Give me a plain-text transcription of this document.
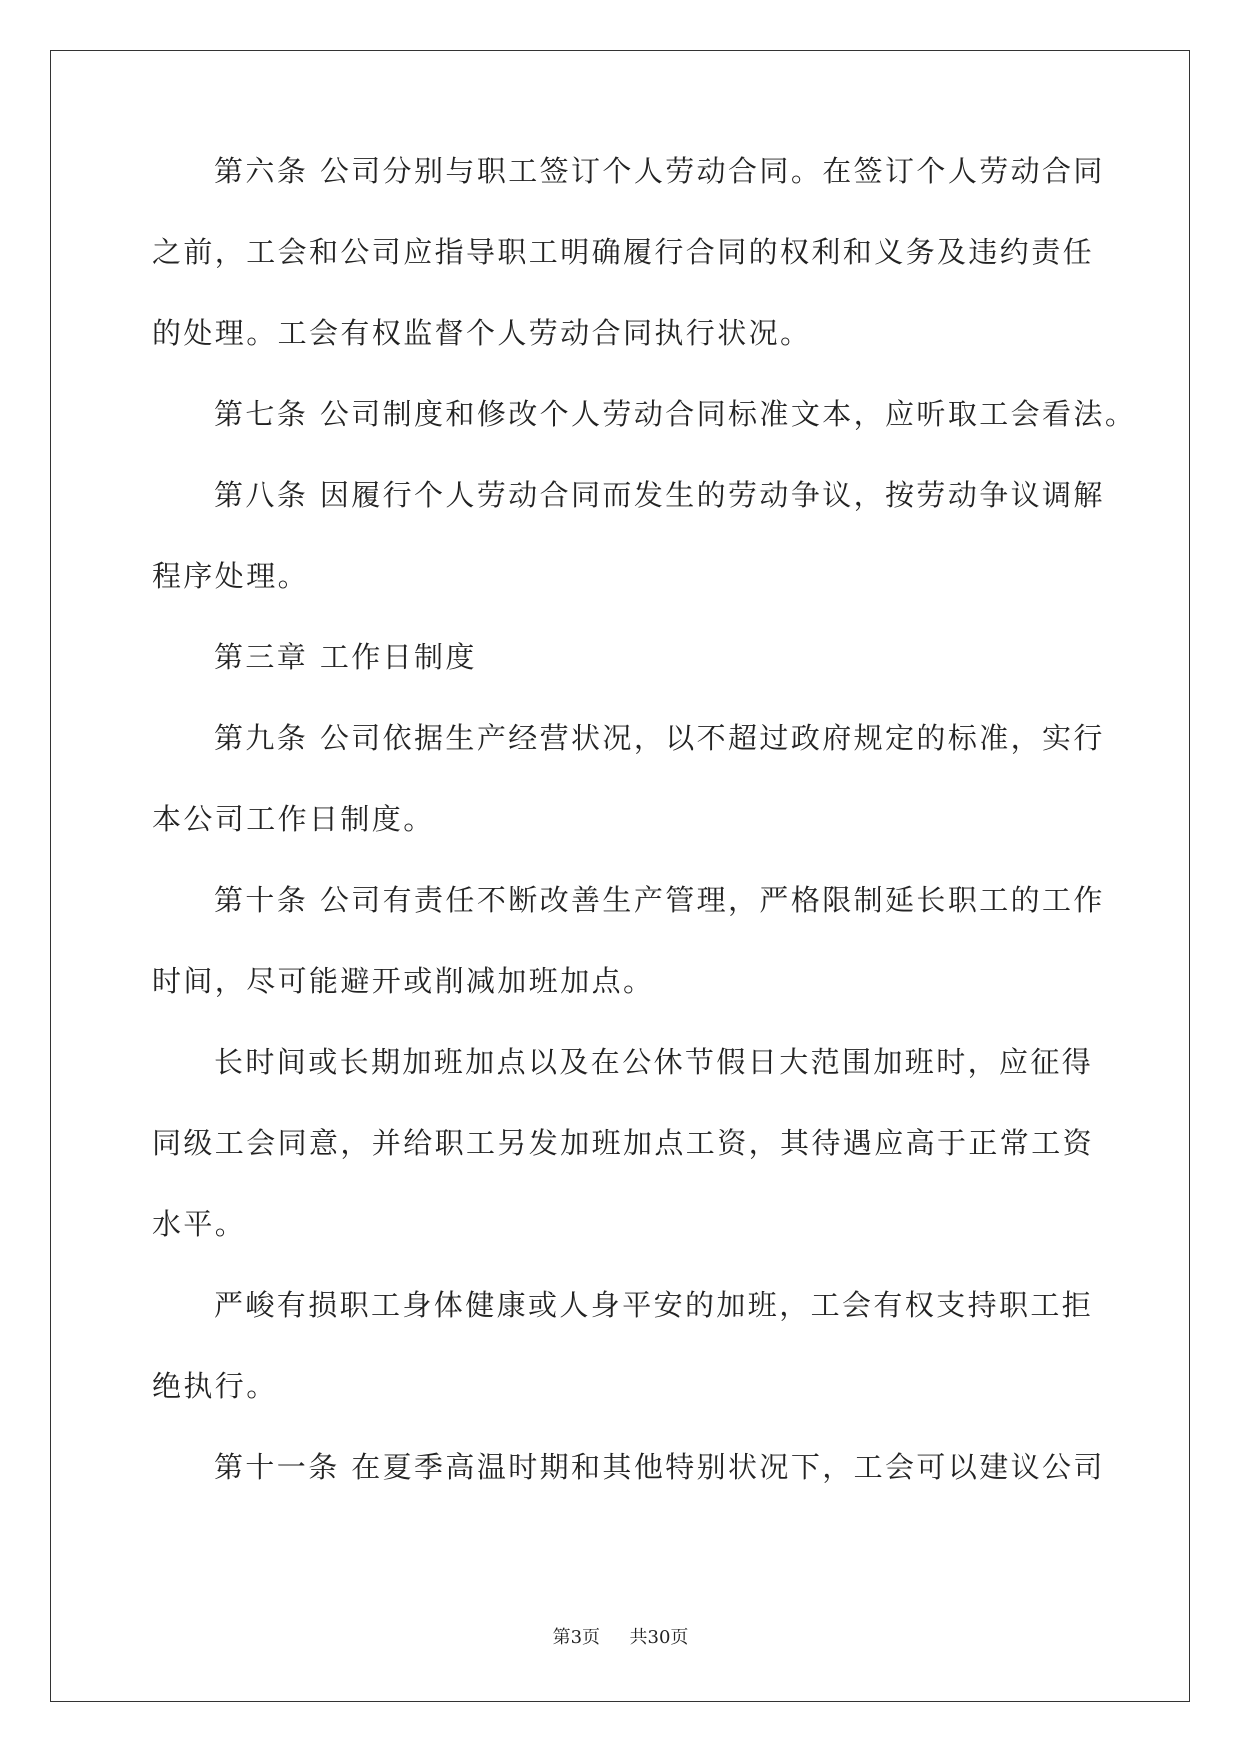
第六条 公司分别与职工签订个人劳动合同。在签订个人劳动合同
之前，工会和公司应指导职工明确履行合同的权利和义务及违约责任
的处理。工会有权监督个人劳动合同执行状况。
第七条 公司制度和修改个人劳动合同标准文本，应听取工会看法。
第八条 因履行个人劳动合同而发生的劳动争议，按劳动争议调解
程序处理。
第三章 工作日制度
第九条 公司依据生产经营状况，以不超过政府规定的标准，实行
本公司工作日制度。
第十条 公司有责任不断改善生产管理，严格限制延长职工的工作
时间，尽可能避开或削减加班加点。
长时间或长期加班加点以及在公休节假日大范围加班时，应征得
同级工会同意，并给职工另发加班加点工资，其待遇应高于正常工资
水平。
严峻有损职工身体健康或人身平安的加班，工会有权支持职工拒
绝执行。
第十一条 在夏季高温时期和其他特别状况下，工会可以建议公司
第3页 共30页
